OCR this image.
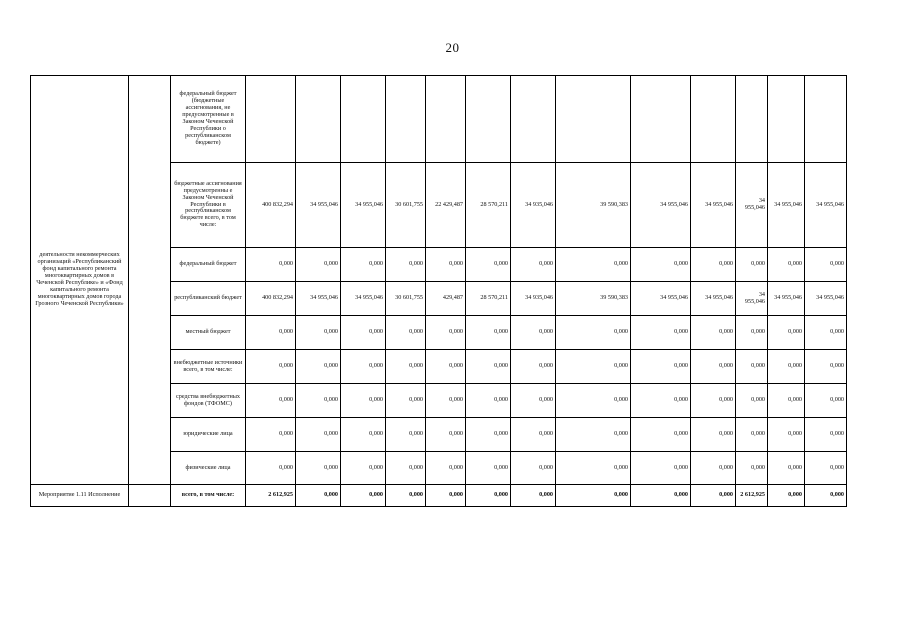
20
деятельности некоммерческих организаций «Республиканский фонд капитального ремонта многоквартирных домов в Чеченской Республике» и «Фонд капитального ремонта многоквартирных домов города Грозного Чеченской Республики»		федеральный бюджет (бюджетные ассигнования, не предусмотренные в Законом Чеченской Республики о республиканском бюджете)													
		бюджетные ассигнования предусмотренны е Законом Чеченской Республики в республиканском бюджете всего, в том числе:	400 832,294	34 955,046	34 955,046	30 601,755	22 429,487	28 570,211	34 935,046	39 590,383	34 955,046	34 955,046	34 955,046	34 955,046	34 955,046
		федеральный бюджет	0,000	0,000	0,000	0,000	0,000	0,000	0,000	0,000	0,000	0,000	0,000	0,000	0,000
		республиканский бюджет	400 832,294	34 955,046	34 955,046	30 601,755	429,487	28 570,211	34 935,046	39 590,383	34 955,046	34 955,046	34 955,046	34 955,046	34 955,046
		местный бюджет	0,000	0,000	0,000	0,000	0,000	0,000	0,000	0,000	0,000	0,000	0,000	0,000	0,000
		внебюджетные источники всего, в том числе:	0,000	0,000	0,000	0,000	0,000	0,000	0,000	0,000	0,000	0,000	0,000	0,000	0,000
		средства внебюджетных фондов (ТФОМС)	0,000	0,000	0,000	0,000	0,000	0,000	0,000	0,000	0,000	0,000	0,000	0,000	0,000
		юридические лица	0,000	0,000	0,000	0,000	0,000	0,000	0,000	0,000	0,000	0,000	0,000	0,000	0,000
		физические лица	0,000	0,000	0,000	0,000	0,000	0,000	0,000	0,000	0,000	0,000	0,000	0,000	0,000
Мероприятие 1.11 Исполнение		всего, в том числе:	2 612,925	0,000	0,000	0,000	0,000	0,000	0,000	0,000	0,000	0,000	2 612,925	0,000	0,000
